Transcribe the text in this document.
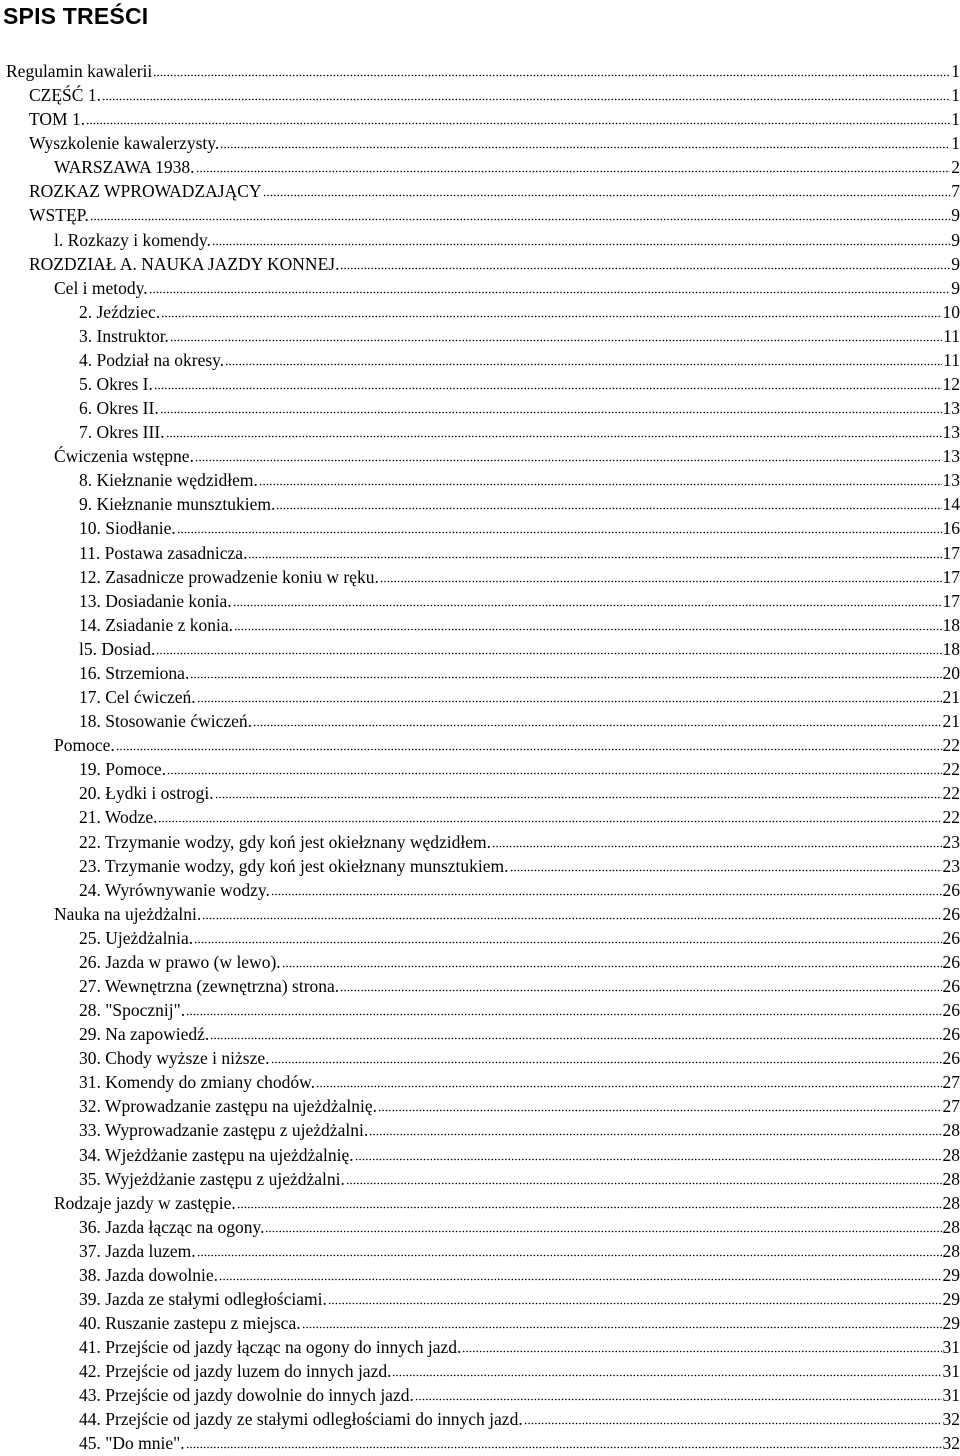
SPIS TREŚCI
Regulamin kawalerii	1
CZĘŚĆ 1.	1
TOM 1.	1
Wyszkolenie kawalerzysty.	1
WARSZAWA 1938.	2
ROZKAZ WPROWADZAJĄCY	7
WSTĘP.	9
l. Rozkazy i komendy.	9
ROZDZIAŁ A. NAUKA JAZDY KONNEJ.	9
Cel i metody.	9
2. Jeździec.	10
3. Instruktor.	11
4. Podział na okresy.	11
5. Okres I.	12
6. Okres II.	13
7. Okres III.	13
Ćwiczenia wstępne.	13
8. Kiełznanie wędzidłem.	13
9. Kiełznanie munsztukiem.	14
10. Siodłanie.	16
11. Postawa zasadnicza.	17
12. Zasadnicze prowadzenie koniu w ręku.	17
13. Dosiadanie konia.	17
14. Zsiadanie z konia.	18
l5. Dosiad.	18
16. Strzemiona.	20
17. Cel ćwiczeń.	21
18. Stosowanie ćwiczeń.	21
Pomoce.	22
19. Pomoce.	22
20. Łydki i ostrogi.	22
21. Wodze.	22
22. Trzymanie wodzy, gdy koń jest okiełznany wędzidłem.	23
23. Trzymanie wodzy, gdy koń jest okiełznany munsztukiem.	23
24. Wyrównywanie wodzy.	26
Nauka na ujeżdżalni.	26
25. Ujeżdżalnia.	26
26. Jazda w prawo (w lewo).	26
27. Wewnętrzna (zewnętrzna) strona.	26
28. "Spocznij".	26
29. Na zapowiedź.	26
30. Chody wyższe i niższe.	26
31. Komendy do zmiany chodów.	27
32. Wprowadzanie zastępu na ujeżdżalnię.	27
33. Wyprowadzanie zastępu z ujeżdżalni.	28
34. Wjeżdżanie zastępu na ujeżdżalnię.	28
35. Wyjeżdżanie zastępu z ujeżdżalni.	28
Rodzaje jazdy w zastępie.	28
36. Jazda łącząc na ogony.	28
37. Jazda luzem.	28
38. Jazda dowolnie.	29
39. Jazda ze stałymi odległościami.	29
40. Ruszanie zastepu z miejsca.	29
41. Przejście od jazdy łącząc na ogony do innych jazd.	31
42. Przejście od jazdy luzem do innych jazd.	31
43. Przejście od jazdy dowolnie do innych jazd.	31
44. Przejście od jazdy ze stałymi odległościami do innych jazd.	32
45. "Do mnie".	32
